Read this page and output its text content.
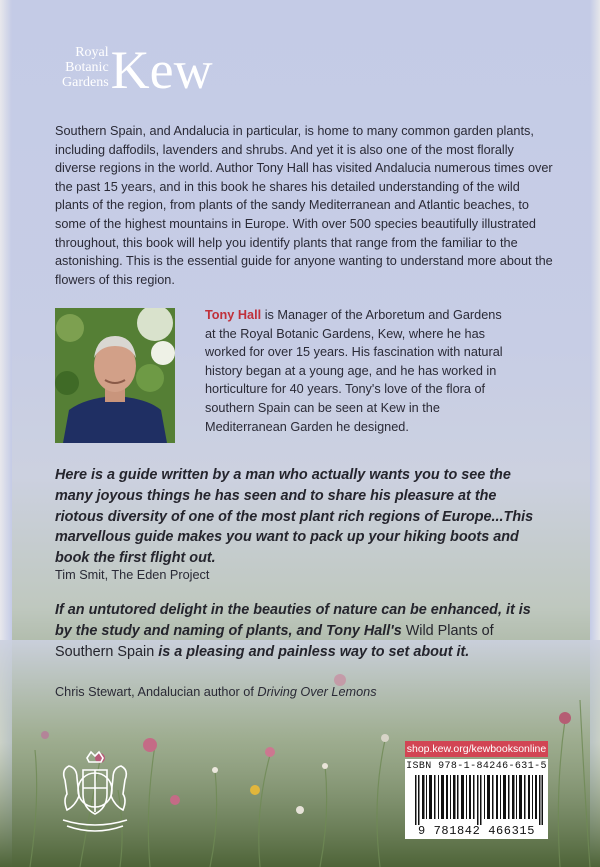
Royal
Botanic
Gardens Kew
Southern Spain, and Andalucia in particular, is home to many common garden plants, including daffodils, lavenders and shrubs. And yet it is also one of the most florally diverse regions in the world. Author Tony Hall has visited Andalucia numerous times over the past 15 years, and in this book he shares his detailed understanding of the wild plants of the region, from plants of the sandy Mediterranean and Atlantic beaches, to some of the highest mountains in Europe. With over 500 species beautifully illustrated throughout, this book will help you identify plants that range from the familiar to the astonishing. This is the essential guide for anyone wanting to understand more about the flowers of this region.
Tony Hall is Manager of the Arboretum and Gardens at the Royal Botanic Gardens, Kew, where he has worked for over 15 years. His fascination with natural history began at a young age, and he has worked in horticulture for 40 years. Tony's love of the flora of southern Spain can be seen at Kew in the Mediterranean Garden he designed.
Here is a guide written by a man who actually wants you to see the many joyous things he has seen and to share his pleasure at the riotous diversity of one of the most plant rich regions of Europe...This marvellous guide makes you want to pack up your hiking boots and book the first flight out.
Tim Smit, The Eden Project
If an untutored delight in the beauties of nature can be enhanced, it is by the study and naming of plants, and Tony Hall's Wild Plants of Southern Spain is a pleasing and painless way to set about it.
Chris Stewart, Andalucian author of Driving Over Lemons
shop.kew.org/kewbooksonline
ISBN 978-1-84246-631-5
9 781842 466315
